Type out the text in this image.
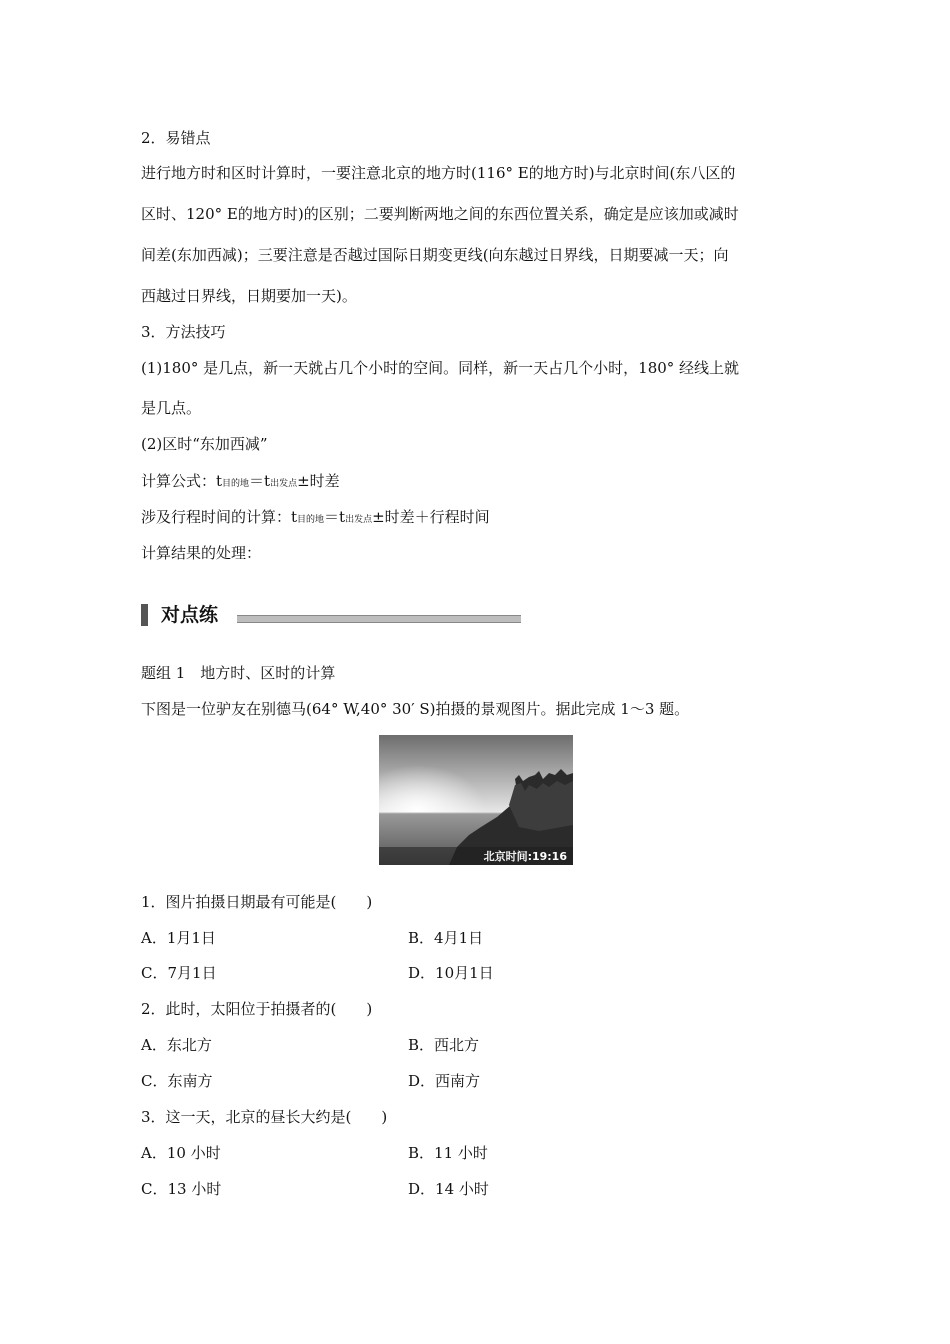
2．易错点
进行地方时和区时计算时，一要注意北京的地方时(116° E的地方时)与北京时间(东八区的
区时、120° E的地方时)的区别；二要判断两地之间的东西位置关系，确定是应该加或减时
间差(东加西减)；三要注意是否越过国际日期变更线(向东越过日界线，日期要减一天；向
西越过日界线，日期要加一天)。
3．方法技巧
(1)180° 是几点，新一天就占几个小时的空间。同样，新一天占几个小时，180° 经线上就
是几点。
(2)区时“东加西减”
计算公式：t目的地＝t出发点±时差
涉及行程时间的计算：t目的地＝t出发点±时差＋行程时间
计算结果的处理：
对点练
题组 1　地方时、区时的计算
下图是一位驴友在别德马(64° W,40° 30′ S)拍摄的景观图片。据此完成 1～3 题。
北京时间:19:16
1．图片拍摄日期最有可能是(　　)
A．1月1日	B．4月1日
C．7月1日	D．10月1日
2．此时，太阳位于拍摄者的(　　)
A．东北方	B．西北方
C．东南方	D．西南方
3．这一天，北京的昼长大约是(　　)
A．10 小时	B．11 小时
C．13 小时	D．14 小时
